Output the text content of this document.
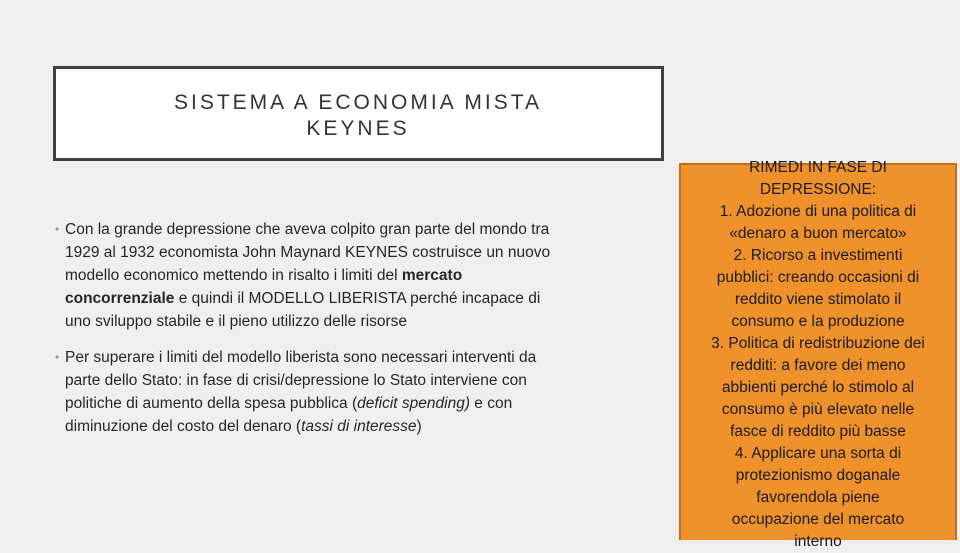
SISTEMA A ECONOMIA MISTA
KEYNES
• Con la grande depressione che aveva colpito gran parte del mondo tra 1929 al 1932 economista John Maynard KEYNES costruisce un nuovo modello economico mettendo in risalto i limiti del mercato concorrenziale e quindi il MODELLO LIBERISTA perché incapace di uno sviluppo stabile e il pieno utilizzo delle risorse
• Per superare i limiti del modello liberista sono necessari interventi da parte dello Stato: in fase di crisi/depressione lo Stato interviene con politiche di aumento della spesa pubblica (deficit spending) e con diminuzione del costo del denaro (tassi di interesse)
RIMEDI IN FASE DI
DEPRESSIONE:
1. Adozione di una politica di
«denaro a buon mercato»
2. Ricorso a investimenti
pubblici: creando occasioni di
reddito viene stimolato il
consumo e la produzione
3. Politica di redistribuzione dei
redditi: a favore dei meno
abbienti perché lo stimolo al
consumo è più elevato nelle
fasce di reddito più basse
4. Applicare una sorta di
protezionismo doganale
favorendola piene
occupazione del mercato
interno
